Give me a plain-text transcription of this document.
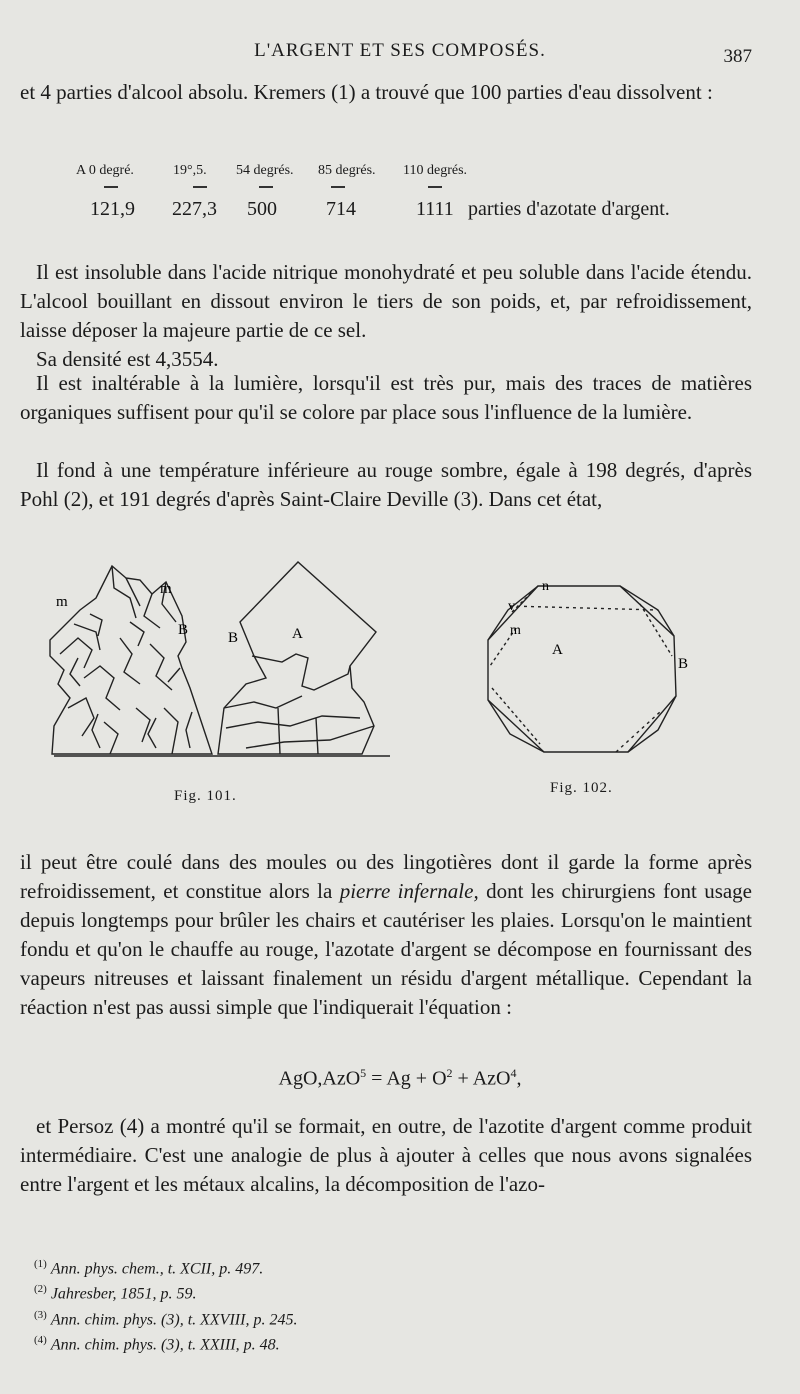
L'ARGENT ET SES COMPOSÉS.	387

et 4 parties d'alcool absolu. Kremers (1) a trouvé que 100 parties d'eau dissolvent :

A 0 degré.	19°,5. 54 degrés. 85 degrés. 110 degrés.
121,9 227,3 500 714	1111 parties d'azotate d'argent.

Il est insoluble dans l'acide nitrique monohydraté et peu soluble dans l'acide étendu. L'alcool bouillant en dissout environ le tiers de son poids, et, par refroidissement, laisse déposer la majeure partie de ce sel.

Sa densité est 4,3554.

Il est inaltérable à la lumière, lorsqu'il est très pur, mais des traces de matières organiques suffisent pour qu'il se colore par place sous l'influence de la lumière.

Il fond à une température inférieure au rouge sombre, égale à 198 degrés, d'après Pohl (2), et 191 degrés d'après Saint-Claire Deville (3). Dans cet état,

m
m
B	B	A
Fig. 101.
n
v
m
A
B
Fig. 102.

il peut être coulé dans des moules ou des lingotières dont il garde la forme après refroidissement, et constitue alors la pierre infernale, dont les chirurgiens font usage depuis longtemps pour brûler les chairs et cautériser les plaies. Lorsqu'on le maintient fondu et qu'on le chauffe au rouge, l'azotate d'argent se décompose en fournissant des vapeurs nitreuses et laissant finalement un résidu d'argent métallique. Cependant la réaction n'est pas aussi simple que l'indiquerait l'équation :

$AgO,AzO^5 = Ag + O^2 + AzO^4$,

et Persoz (4) a montré qu'il se formait, en outre, de l'azotite d'argent comme produit intermédiaire. C'est une analogie de plus à ajouter à celles que nous avons signalées entre l'argent et les métaux alcalins, la décomposition de l'azo-

$^{(1)}$ Ann. phys. chem., t. XCII, p. 497.
$^{(2)}$ Jahresber, 1851, p. 59.
$^{(3)}$ Ann. chim. phys. (3), t. XXVIII, p. 245.
$^{(4)}$ Ann. chim. phys. (3), t. XXIII, p. 48.
